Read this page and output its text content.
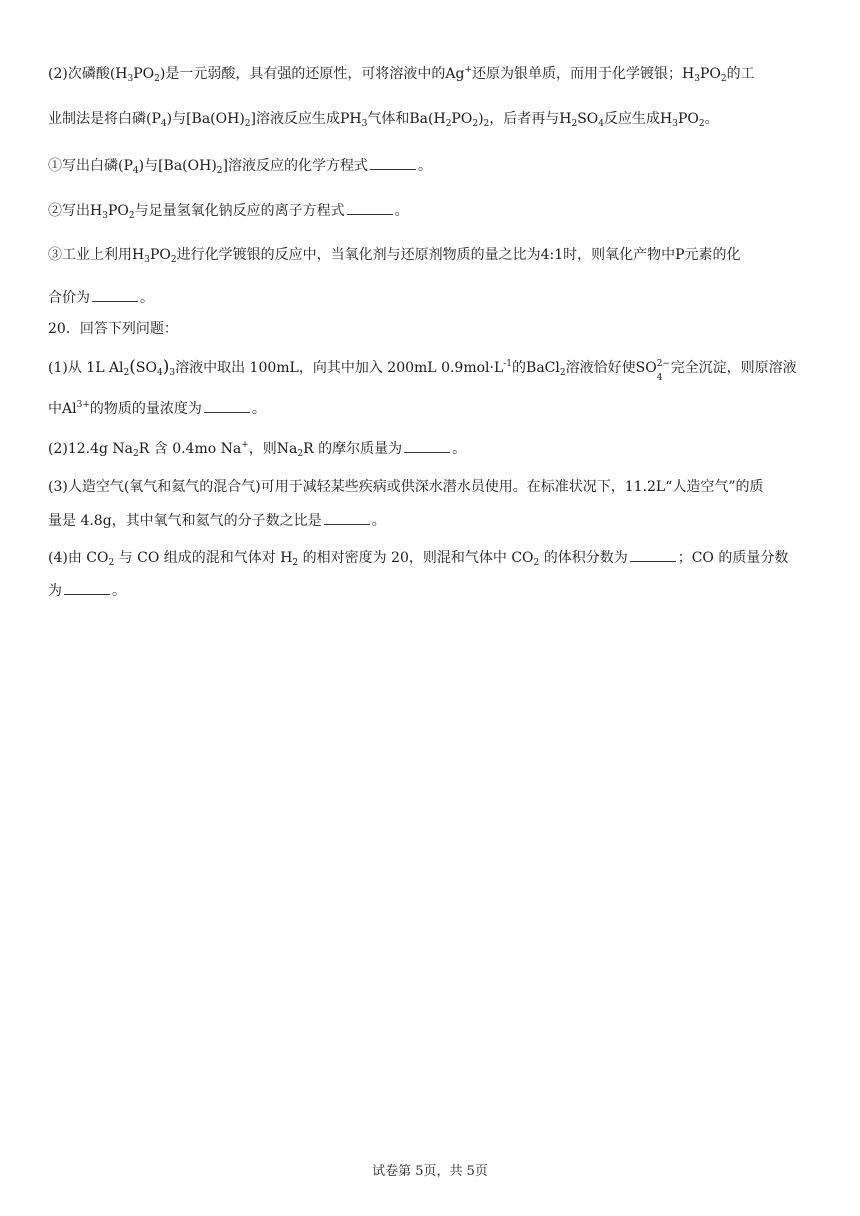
(2)次磷酸$(H_3PO_2)$是一元弱酸，具有强的还原性，可将溶液中的Ag+还原为银单质，而用于化学镀银；$H_3PO_2$的工
业制法是将白磷$(P_4)$与$[Ba(OH)_2]$溶液反应生成$PH_3$气体和$Ba(H_2PO_2)_2$，后者再与$H_2SO_4$反应生成$H_3PO_2$。
①写出白磷$(P_4)$与$[Ba(OH)_2]$溶液反应的化学方程式	。
②写出$H_3PO_2$与足量氢氧化钠反应的离子方程式	。
③工业上利用$H_3PO_2$进行化学镀银的反应中，当氧化剂与还原剂物质的量之比为4:1时，则氧化产物中P元素的化
合价为	。
20．回答下列问题：
(1)从 1L $Al_2(SO_4)_3$溶液中取出 100mL，向其中加入 200mL $0.9mol\cdot L^{-1}$的BaCl$_2$溶液恰好使SO 2−
4
完全沉淀，则原溶液
中$Al^{3+}$的物质的量浓度为	。
(2)12.4g $Na_2R$ 含 0.4mo Na+，则$Na_2R$ 的摩尔质量为	。
(3)人造空气(氧气和氦气的混合气)可用于减轻某些疾病或供深水潜水员使用。在标准状况下，11.2L“人造空气”的质
量是 4.8g，其中氧气和氦气的分子数之比是	。
(4)由 $CO_2$ 与 CO 组成的混和气体对 $H_2$ 的相对密度为 20，则混和气体中 $CO_2$ 的体积分数为	；CO 的质量分数
为	。
试卷第 5页，共 5页
